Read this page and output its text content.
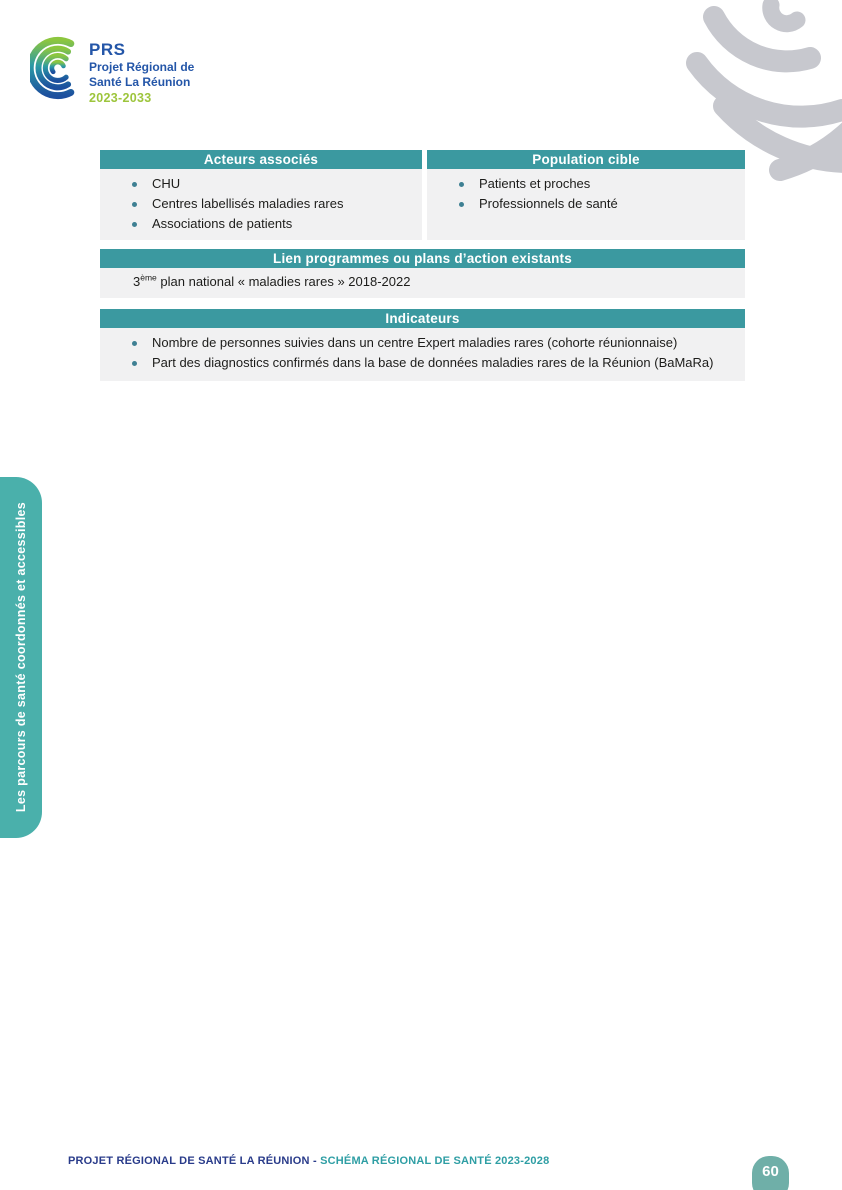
PRS
Projet Régional de
Santé La Réunion
2023-2033
Acteurs associés
CHU
Centres labellisés maladies rares
Associations de patients
Population cible
Patients et proches
Professionnels de santé
Lien programmes ou plans d’action existants
3ème plan national « maladies rares » 2018-2022
Indicateurs
Nombre de personnes suivies dans un centre Expert maladies rares (cohorte réunionnaise)
Part des diagnostics confirmés dans la base de données maladies rares de la Réunion (BaMaRa)
Les parcours de santé coordonnés et accessibles
PROJET RÉGIONAL DE SANTÉ LA RÉUNION - SCHÉMA RÉGIONAL DE SANTÉ 2023-2028
60
